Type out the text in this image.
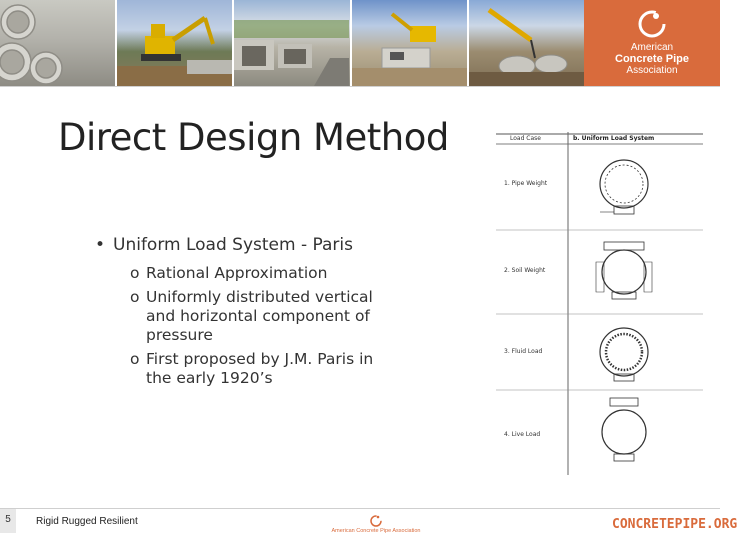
American
Concrete Pipe
Association
Direct Design Method
• Uniform Load System - Paris
o Rational Approximation
o Uniformly distributed vertical and horizontal component of pressure
o First proposed by J.M. Paris in the early 1920’s
Load Case	b. Uniform Load System
1. Pipe Weight
2. Soil Weight
3. Fluid Load
4. Live Load
5	Rigid Rugged Resilient
American Concrete Pipe Association	CONCRETEPIPE.ORG
